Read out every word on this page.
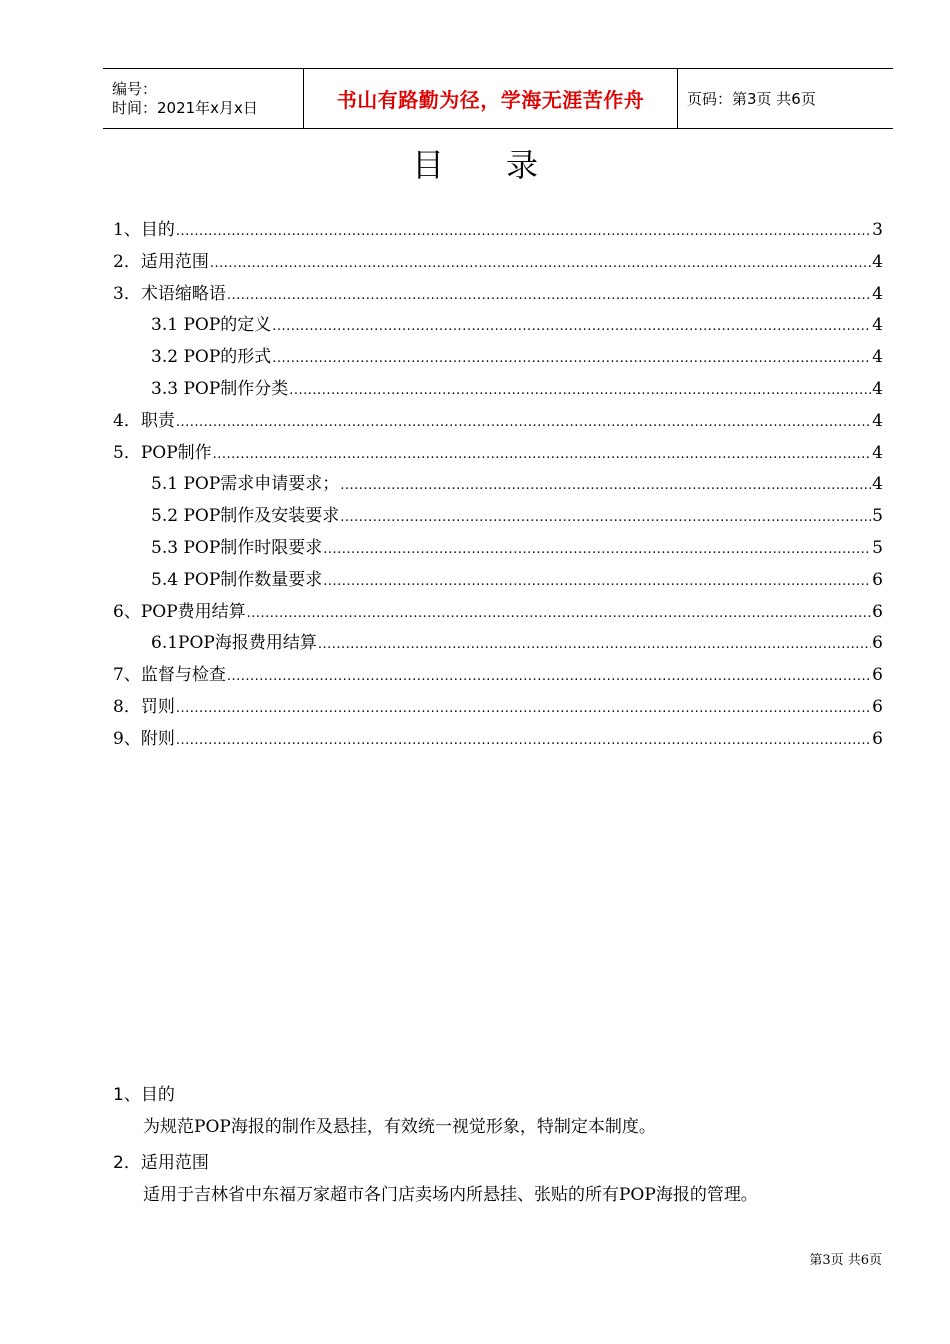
编号：
时间：2021年x月x日	书山有路勤为径，学海无涯苦作舟	页码：第3页 共6页
目录
1、目的 .....	3
2．适用范围 .....	4
3．术语缩略语 .....	4
3.1 POP的定义 .....	4
3.2 POP的形式 .....	4
3.3 POP制作分类 .....	4
4．职责 .....	4
5．POP制作 .....	4
5.1 POP需求申请要求； .....	4
5.2 POP制作及安装要求 .....	5
5.3 POP制作时限要求 .....	5
5.4 POP制作数量要求 .....	6
6、POP费用结算 .....	6
6.1POP海报费用结算 .....	6
7、监督与检查 .....	6
8．罚则 .....	6
9、附则 .....	6
1、目的
为规范POP海报的制作及悬挂，有效统一视觉形象，特制定本制度。
2．适用范围
适用于吉林省中东福万家超市各门店卖场内所悬挂、张贴的所有POP海报的管理。
第3页 共6页
